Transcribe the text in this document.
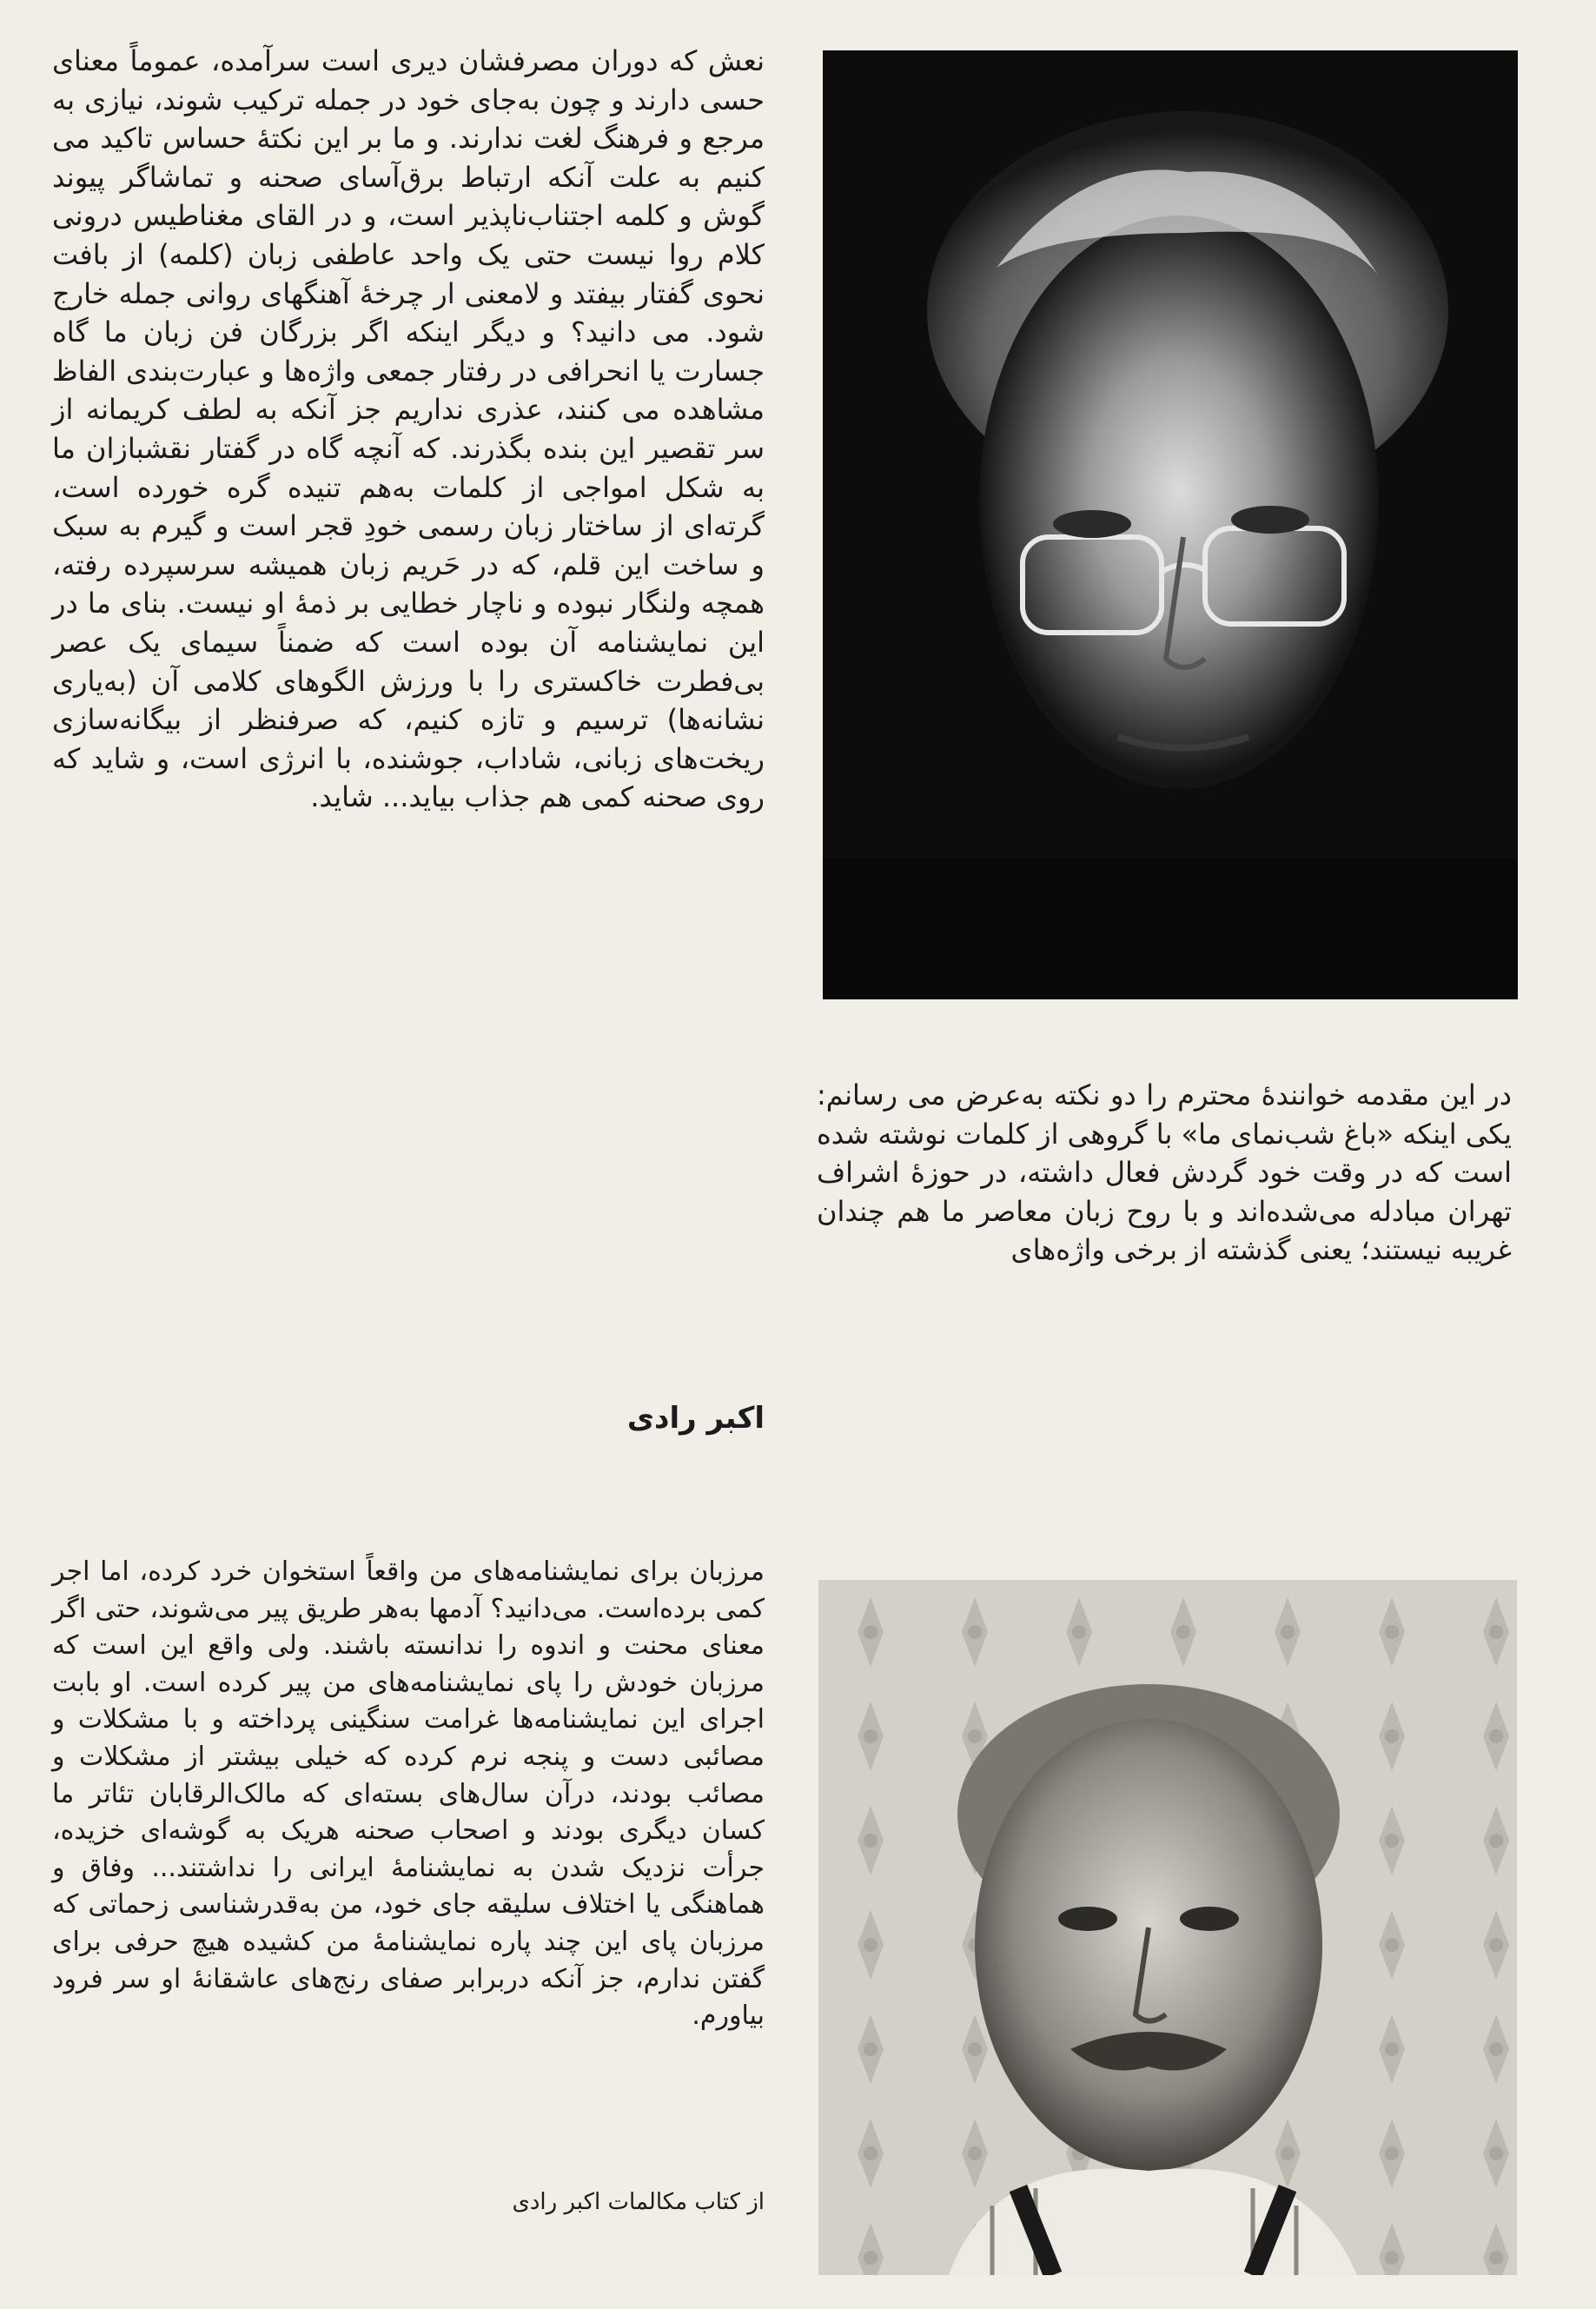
نعش که دوران مصرفشان دیری است سرآمده، عموماً معنای حسی دارند و چون به‌جای خود در جمله ترکیب شوند، نیازی به مرجع و فرهنگ لغت ندارند. و ما بر این نکتهٔ حساس تاکید می کنیم به علت آنکه ارتباط برق‌آسای صحنه و تماشاگر پیوند گوش و کلمه اجتناب‌ناپذیر است، و در القای مغناطیس درونی کلام روا نیست حتی یک واحد عاطفی زبان (کلمه) از بافت نحوی گفتار بیفتد و لامعنی ار چرخهٔ آهنگهای روانی جمله خارج شود. می دانید؟ و دیگر اینکه اگر بزرگان فن زبان ما گاه جسارت یا انحرافی در رفتار جمعی واژه‌ها و عبارت‌بندی الفاظ مشاهده می کنند، عذری نداریم جز آنکه به لطف کریمانه از سر تقصیر این بنده بگذرند. که آنچه گاه در گفتار نقشبازان ما به شکل امواجی از کلمات به‌هم تنیده گره خورده است، گرته‌ای از ساختار زبان رسمی خودِ قجر است و گیرم به سبک و ساخت این قلم، که در حَریم زبان همیشه سرسپرده رفته، همچه ولنگار نبوده و ناچار خطایی بر ذمهٔ او نیست. بنای ما در این نمایشنامه آن بوده است که ضمناً سیمای یک عصر بی‌فطرت خاکستری را با ورزش الگوهای کلامی آن (به‌یاری نشانه‌ها) ترسیم و تازه کنیم، که صرفنظر از بیگانه‌سازی ریخت‌های زبانی، شاداب، جوشنده، با انرژی است، و شاید که روی صحنه کمی هم جذاب بیاید... شاید.

اکبر رادی

در این مقدمه خوانندهٔ محترم را دو نکته به‌عرض می رسانم: یکی اینکه «باغ شب‌نمای ما» با گروهی از کلمات نوشته شده است که در وقت خود گردش فعال داشته، در حوزهٔ اشراف تهران مبادله می‌شده‌اند و با روح زبان معاصر ما هم چندان غریبه نیستند؛ یعنی گذشته از برخی واژه‌های

مرزبان برای نمایشنامه‌های من واقعاً استخوان خرد کرده، اما اجر کمی برده‌است. می‌دانید؟ آدمها به‌هر طریق پیر می‌شوند، حتی اگر معنای محنت و اندوه را ندانسته باشند. ولی واقع این است که مرزبان خودش را پای نمایشنامه‌های من پیر کرده است. او بابت اجرای این نمایشنامه‌ها غرامت سنگینی پرداخته و با مشکلات و مصائبی دست و پنجه نرم کرده که خیلی بیشتر از مشکلات و مصائب بودند، درآن سال‌های بسته‌ای که مالک‌الرقابان تئاتر ما کسان دیگری بودند و اصحاب صحنه هریک به گوشه‌ای خزیده، جرأت نزدیک شدن به نمایشنامهٔ ایرانی را نداشتند... وفاق و هماهنگی یا اختلاف سلیقه جای خود، من به‌قدرشناسی زحماتی که مرزبان پای این چند پاره نمایشنامهٔ من کشیده هیچ حرفی برای گفتن ندارم، جز آنکه دربرابر صفای رنج‌های عاشقانهٔ او سر فرود بیاورم.

از کتاب مکالمات اکبر رادی
